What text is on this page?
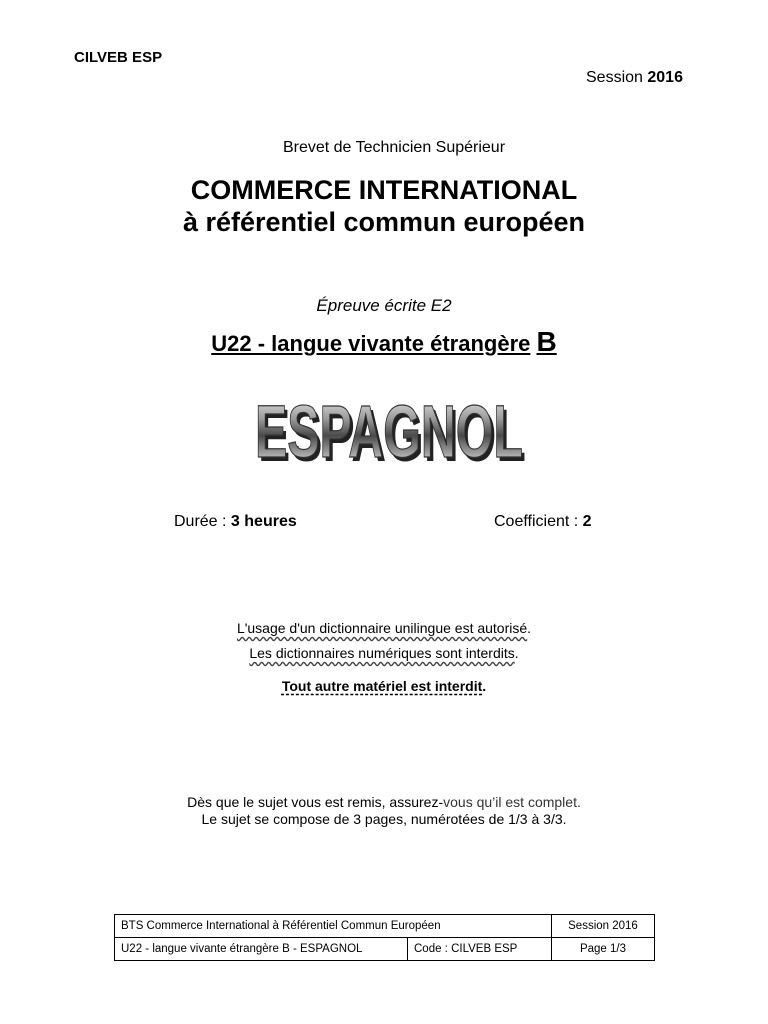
CILVEB ESP
Session 2016
Brevet de Technicien Supérieur
COMMERCE INTERNATIONAL
à référentiel commun européen
Épreuve écrite E2
U22 - langue vivante étrangère B
ESPAGNOL
ESPAGNOL
Durée : 3 heures	Coefficient : 2
L'usage d'un dictionnaire unilingue est autorisé.
Les dictionnaires numériques sont interdits.
Tout autre matériel est interdit.
Dès que le sujet vous est remis, assurez-vous qu’il est complet.
Le sujet se compose de 3 pages, numérotées de 1/3 à 3/3.
BTS Commerce International à Référentiel Commun Européen		Session 2016
U22 - langue vivante étrangère B - ESPAGNOL	Code : CILVEB ESP	Page 1/3
